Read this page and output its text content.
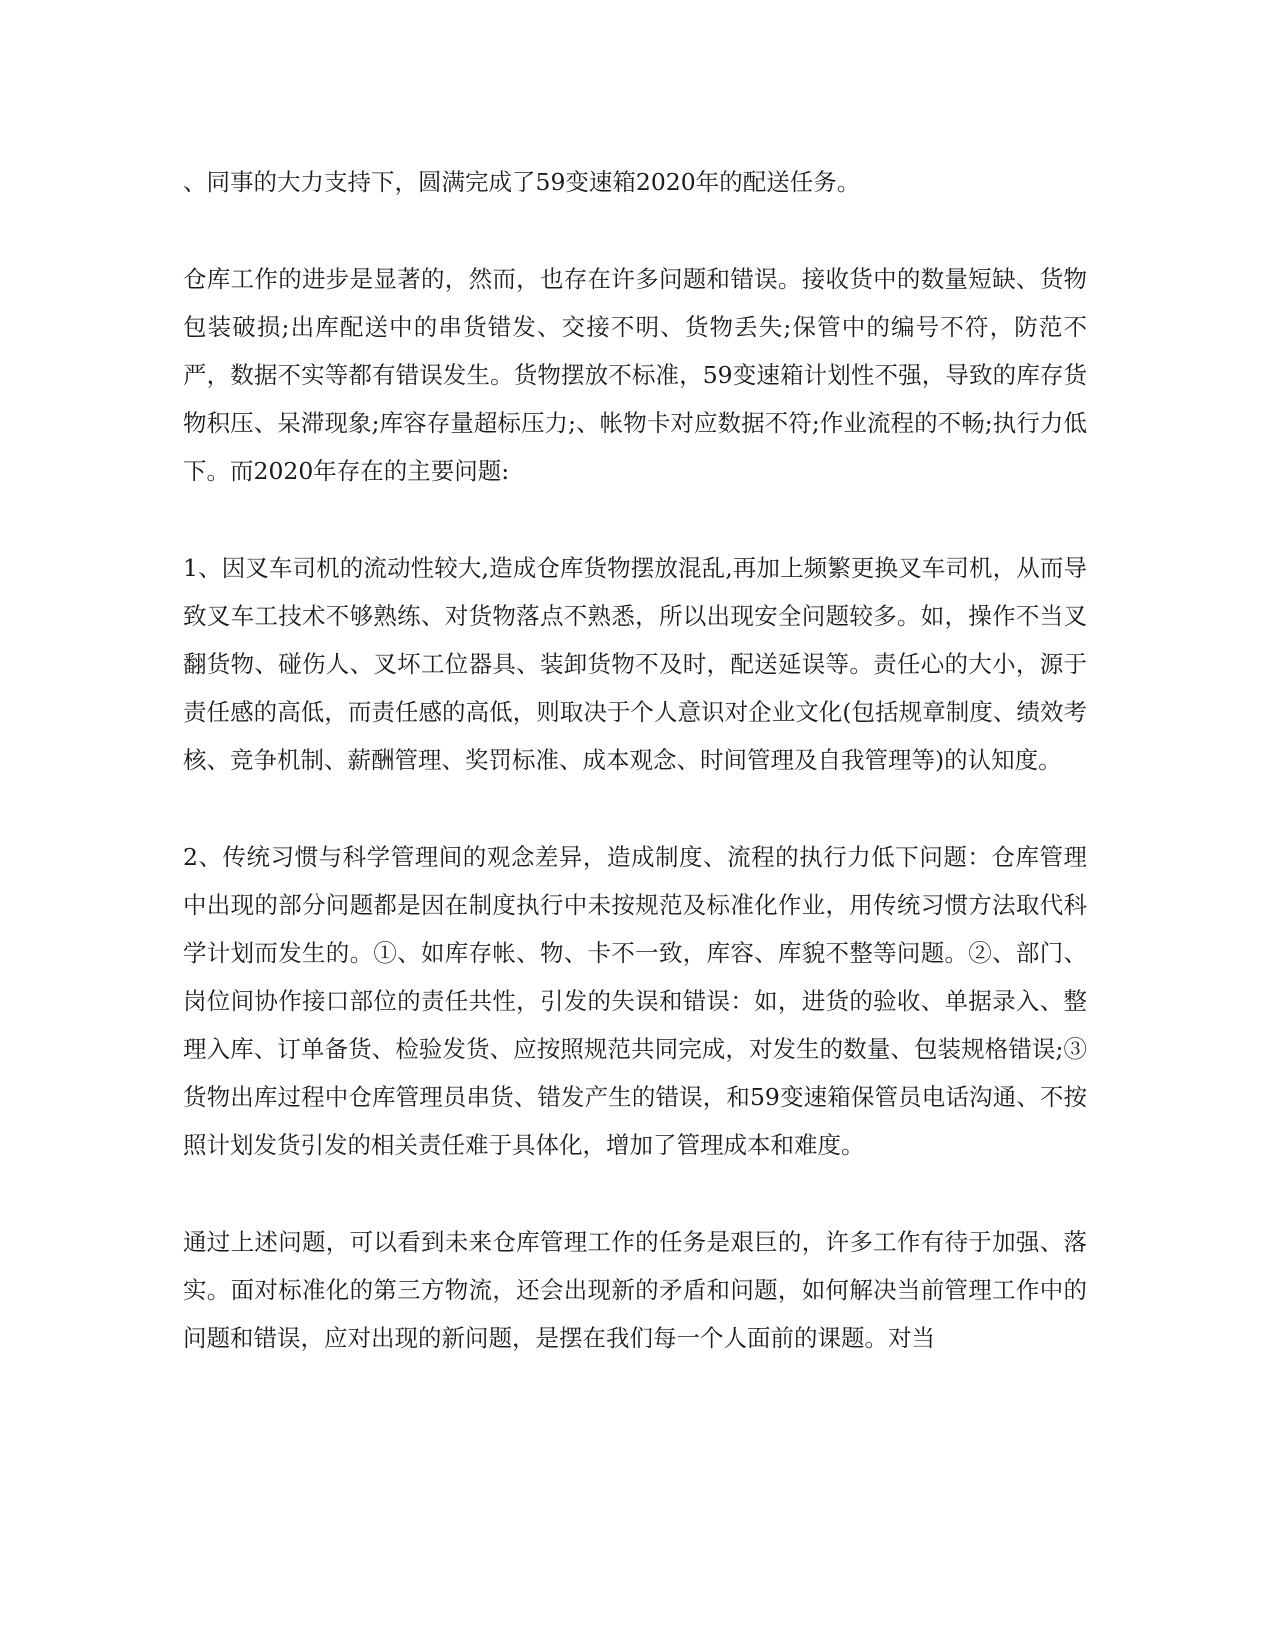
、同事的大力支持下，圆满完成了59变速箱2020年的配送任务。

仓库工作的进步是显著的，然而，也存在许多问题和错误。接收货中的数量短缺、货物包装破损;出库配送中的串货错发、交接不明、货物丢失;保管中的编号不符，防范不严，数据不实等都有错误发生。货物摆放不标准，59变速箱计划性不强，导致的库存货物积压、呆滞现象;库容存量超标压力;、帐物卡对应数据不符;作业流程的不畅;执行力低下。而2020年存在的主要问题:

1、因叉车司机的流动性较大,造成仓库货物摆放混乱,再加上频繁更换叉车司机，从而导致叉车工技术不够熟练、对货物落点不熟悉，所以出现安全问题较多。如，操作不当叉翻货物、碰伤人、叉坏工位器具、装卸货物不及时，配送延误等。责任心的大小，源于责任感的高低，而责任感的高低，则取决于个人意识对企业文化(包括规章制度、绩效考核、竞争机制、薪酬管理、奖罚标准、成本观念、时间管理及自我管理等)的认知度。

2、传统习惯与科学管理间的观念差异，造成制度、流程的执行力低下问题：仓库管理中出现的部分问题都是因在制度执行中未按规范及标准化作业，用传统习惯方法取代科学计划而发生的。①、如库存帐、物、卡不一致，库容、库貌不整等问题。②、部门、岗位间协作接口部位的责任共性，引发的失误和错误：如，进货的验收、单据录入、整理入库、订单备货、检验发货、应按照规范共同完成，对发生的数量、包装规格错误;③货物出库过程中仓库管理员串货、错发产生的错误，和59变速箱保管员电话沟通、不按照计划发货引发的相关责任难于具体化，增加了管理成本和难度。

通过上述问题，可以看到未来仓库管理工作的任务是艰巨的，许多工作有待于加强、落实。面对标准化的第三方物流，还会出现新的矛盾和问题，如何解决当前管理工作中的问题和错误，应对出现的新问题，是摆在我们每一个人面前的课题。对当
